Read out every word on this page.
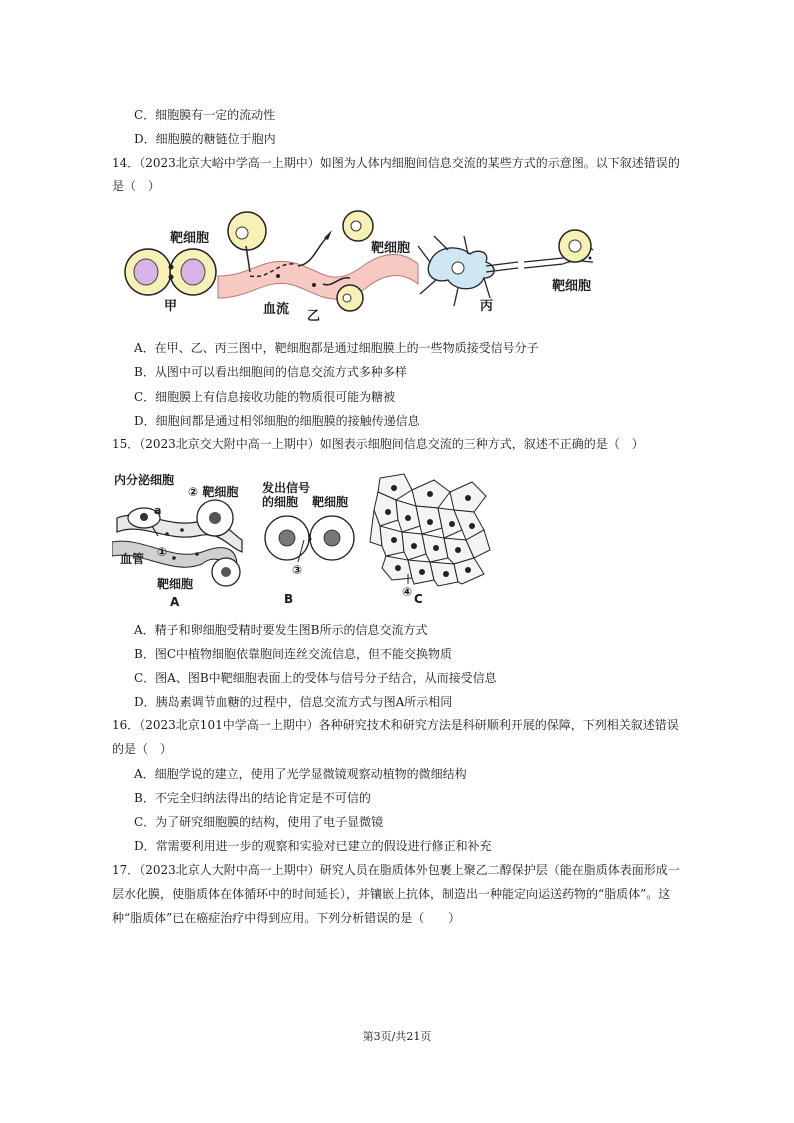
C．细胞膜有一定的流动性
D．细胞膜的糖链位于胞内
14．（2023北京大峪中学高一上期中）如图为人体内细胞间信息交流的某些方式的示意图。以下叙述错误的
是（　）
靶细胞
甲	血流 乙
靶细胞
丙
靶细胞
A．在甲、乙、丙三图中，靶细胞都是通过细胞膜上的一些物质接受信号分子
B．从图中可以看出细胞间的信息交流方式多种多样
C．细胞膜上有信息接收功能的物质很可能为糖被
D．细胞间都是通过相邻细胞的细胞膜的接触传递信息
15．（2023北京交大附中高一上期中）如图表示细胞间信息交流的三种方式，叙述不正确的是（　）
内分泌细胞
② 靶细胞
a
血管 ①
靶细胞
A
发出信号
的细胞 靶细胞
③
B	④ C
A．精子和卵细胞受精时要发生图B所示的信息交流方式
B．图C中植物细胞依靠胞间连丝交流信息，但不能交换物质
C．图A、图B中靶细胞表面上的受体与信号分子结合，从而接受信息
D．胰岛素调节血糖的过程中，信息交流方式与图A所示相同
16．（2023北京101中学高一上期中）各种研究技术和研究方法是科研顺利开展的保障，下列相关叙述错误
的是（　）
A．细胞学说的建立，使用了光学显微镜观察动植物的微细结构
B．不完全归纳法得出的结论肯定是不可信的
C．为了研究细胞膜的结构，使用了电子显微镜
D．常需要利用进一步的观察和实验对已建立的假设进行修正和补充
17．（2023北京人大附中高一上期中）研究人员在脂质体外包裹上聚乙二醇保护层（能在脂质体表面形成一
层水化膜，使脂质体在体循环中的时间延长），并镶嵌上抗体，制造出一种能定向运送药物的“脂质体”。这
种“脂质体”已在癌症治疗中得到应用。下列分析错误的是（　　）
第3页/共21页
